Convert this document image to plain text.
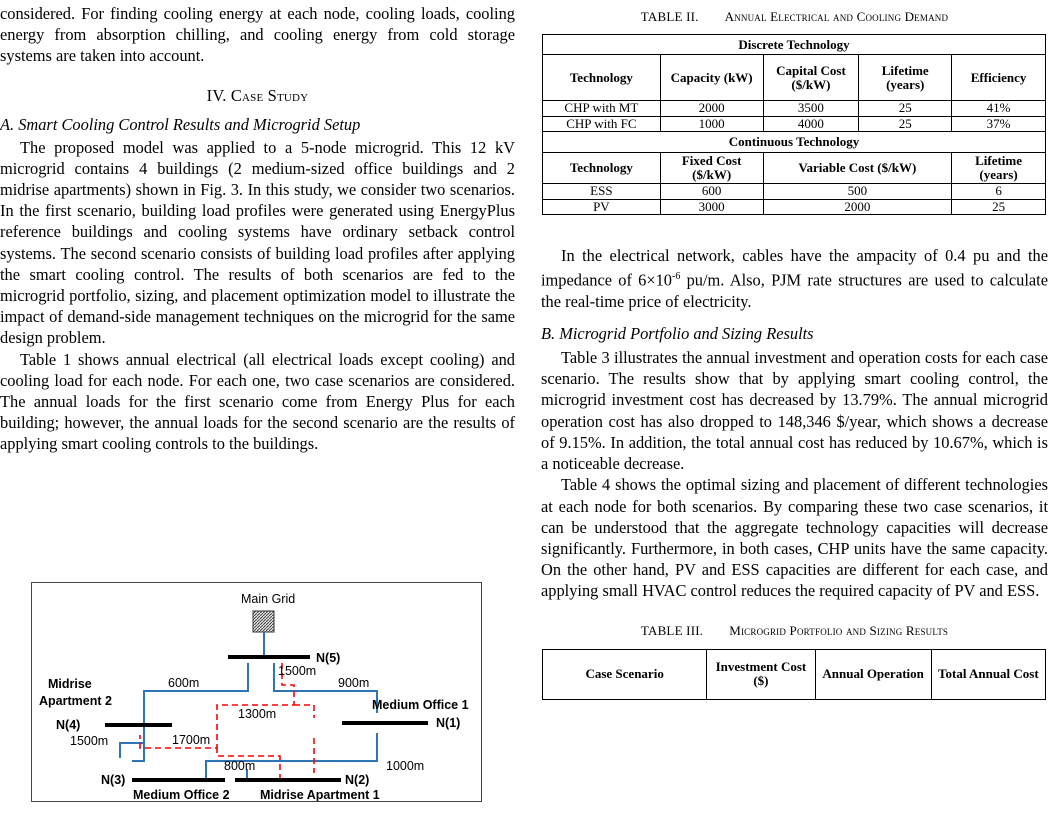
considered. For finding cooling energy at each node, cooling loads, cooling energy from absorption chilling, and cooling energy from cold storage systems are taken into account.

IV. Case Study
A. Smart Cooling Control Results and Microgrid Setup

The proposed model was applied to a 5-node microgrid. This 12 kV microgrid contains 4 buildings (2 medium-sized office buildings and 2 midrise apartments) shown in Fig. 3. In this study, we consider two scenarios. In the first scenario, building load profiles were generated using EnergyPlus reference buildings and cooling systems have ordinary setback control systems. The second scenario consists of building load profiles after applying the smart cooling control. The results of both scenarios are fed to the microgrid portfolio, sizing, and placement optimization model to illustrate the impact of demand-side management techniques on the microgrid for the same design problem.

Table 1 shows annual electrical (all electrical loads except cooling) and cooling load for each node. For each one, two case scenarios are considered. The annual loads for the first scenario come from Energy Plus for each building; however, the annual loads for the second scenario are the results of applying smart cooling controls to the buildings.

Main Grid
N(5)
N(4)	N(1)
N(3)	N(2)
Midrise
Apartment 2	Medium Office 1
Medium Office 2 Midrise Apartment 1
600m	900m
1500m
1500m
1300m
1700m
800m	1000m
TABLE II. Annual Electrical and Cooling Demand
Discrete Technology				
Technology	Capacity (kW)	Capital Cost ($/kW)	Lifetime (years)	Efficiency
CHP with MT	2000	3500	25	41%
CHP with FC	1000	4000	25	37%
Continuous Technology				
Technology	Fixed Cost ($/kW)	Variable Cost ($/kW)		Lifetime (years)
ESS	600	500		6
PV	3000	2000		25

In the electrical network, cables have the ampacity of 0.4 pu and the impedance of $6\times 10^{-6}$ pu/m. Also, PJM rate structures are used to calculate the real-time price of electricity.

B. Microgrid Portfolio and Sizing Results

Table 3 illustrates the annual investment and operation costs for each case scenario. The results show that by applying smart cooling control, the microgrid investment cost has decreased by 13.79%. The annual microgrid operation cost has also dropped to 148,346 $/year, which shows a decrease of 9.15%. In addition, the total annual cost has reduced by 10.67%, which is a noticeable decrease.

Table 4 shows the optimal sizing and placement of different technologies at each node for both scenarios. By comparing these two case scenarios, it can be understood that the aggregate technology capacities will decrease significantly. Furthermore, in both cases, CHP units have the same capacity. On the other hand, PV and ESS capacities are different for each case, and applying small HVAC control reduces the required capacity of PV and ESS.

TABLE III. Microgrid Portfolio and Sizing Results
Case Scenario	Investment Cost ($)	Annual Operation	Total Annual Cost
